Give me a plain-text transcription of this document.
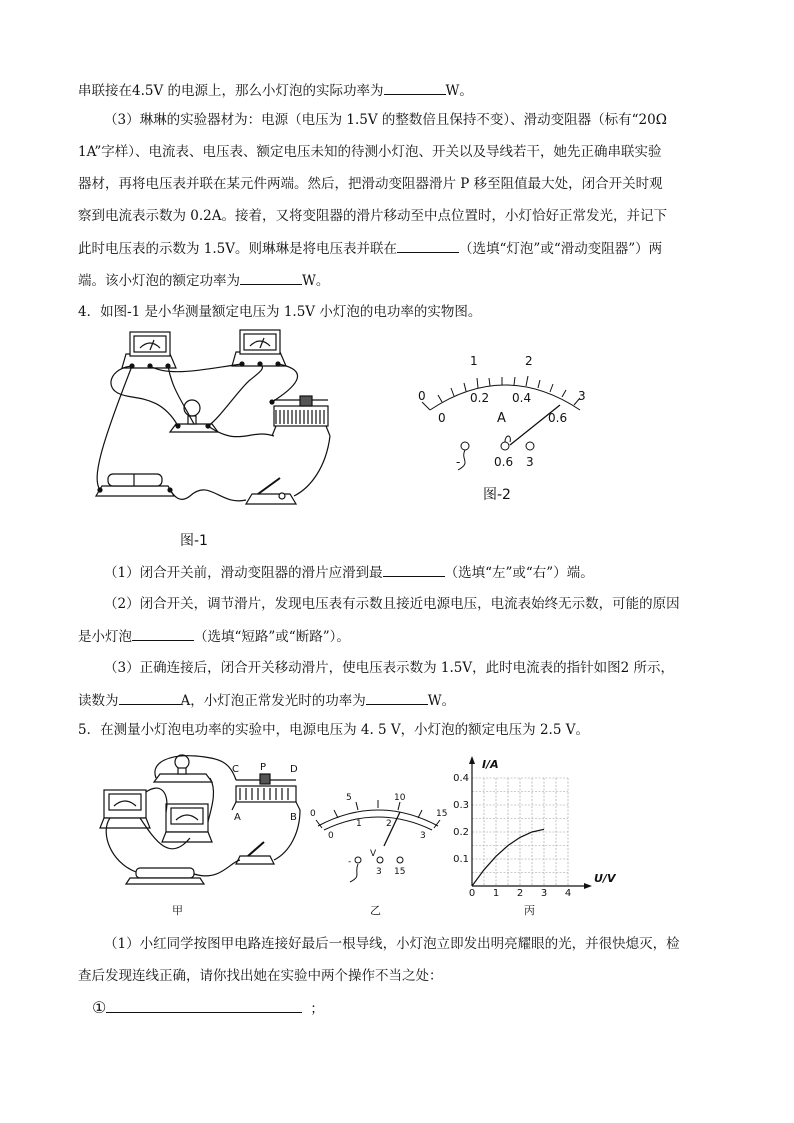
串联接在4.5V 的电源上，那么小灯泡的实际功率为	W。
（3）琳琳的实验器材为：电源（电压为 1.5V 的整数倍且保持不变）、滑动变阻器（标有“20Ω
1A”字样）、电流表、电压表、额定电压未知的待测小灯泡、开关以及导线若干，她先正确串联实验
器材，再将电压表并联在某元件两端。然后，把滑动变阻器滑片 P 移至阻值最大处，闭合开关时观
察到电流表示数为 0.2A。接着，又将变阻器的滑片移动至中点位置时，小灯恰好正常发光，并记下
此时电压表的示数为 1.5V。则琳琳是将电压表并联在	（选填“灯泡”或“滑动变阻器”）两
端。该小灯泡的额定功率为	W。
4．如图-1 是小华测量额定电压为 1.5V 小灯泡的电功率的实物图。
图-1
0
1	2
3
0
0.2 0.4
0.6
A
-	0.6 3
图-2
（1）闭合开关前，滑动变阻器的滑片应滑到最	（选填“左”或“右”）端。
（2）闭合开关，调节滑片，发现电压表有示数且接近电源电压，电流表始终无示数，可能的原因
是小灯泡	（选填“短路”或“断路”）。
（3）正确连接后，闭合开关移动滑片，使电压表示数为 1.5V，此时电流表的指针如图2 所示，
读数为	A，小灯泡正常发光时的功率为	W。
5．在测量小灯泡电功率的实验中，电源电压为 4. 5 V，小灯泡的额定电压为 2.5 V。
C P D
A	B
甲
0
5	10
15
0
1	2
3
V
-
3 15
乙
0 1 2 3 4
0.1
0.2
0.3
0.4
U/V
I/A
丙
（1）小红同学按图甲电路连接好最后一根导线，小灯泡立即发出明亮耀眼的光，并很快熄灭，检
查后发现连线正确，请你找出她在实验中两个操作不当之处：
①	；
